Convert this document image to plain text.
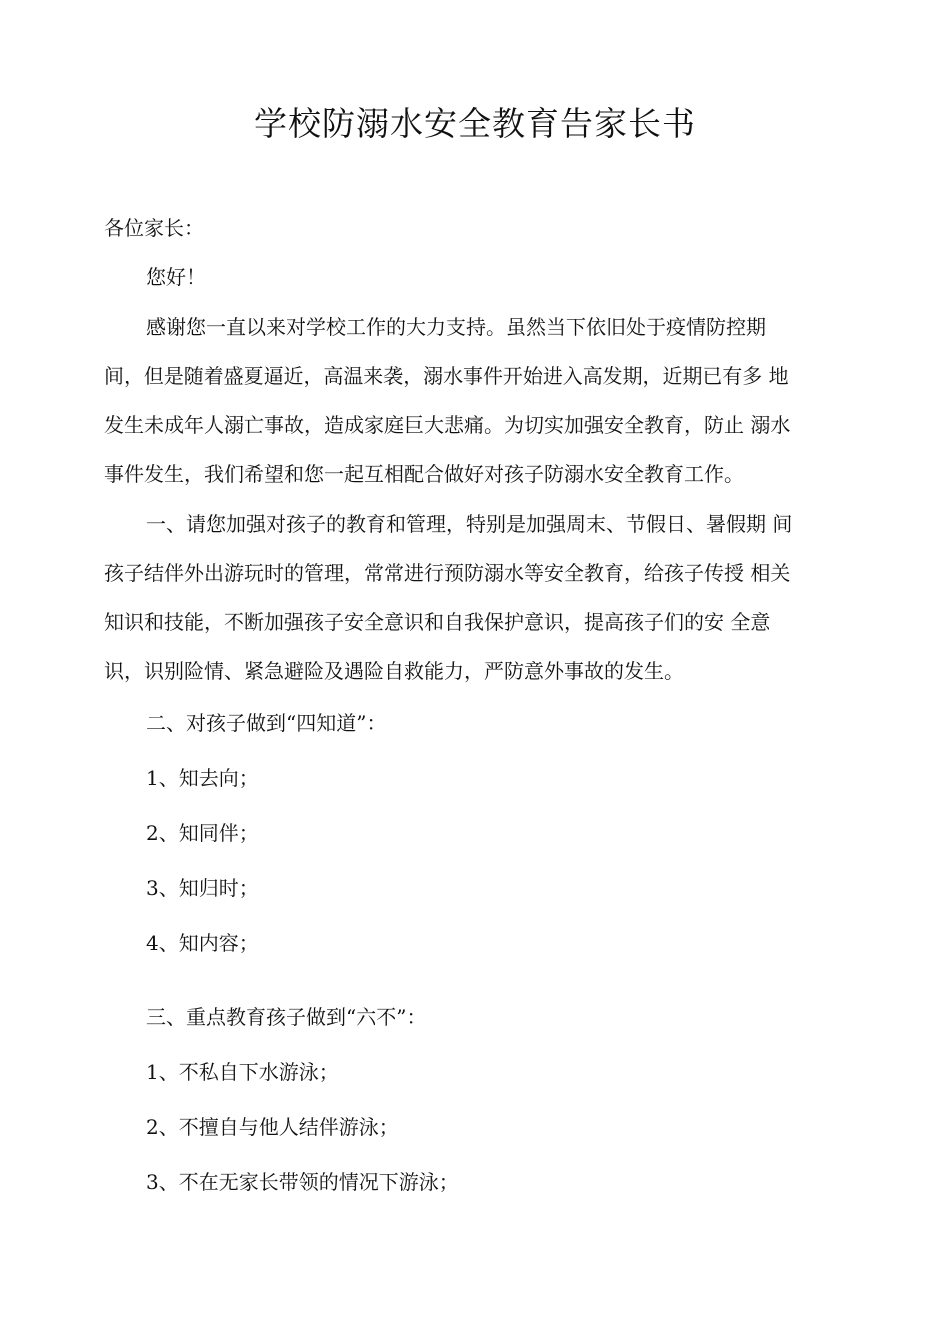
学校防溺水安全教育告家长书
各位家长：
您好！
感谢您一直以来对学校工作的大力支持。虽然当下依旧处于疫情防控期
间，但是随着盛夏逼近，高温来袭，溺水事件开始进入高发期，近期已有多 地
发生未成年人溺亡事故，造成家庭巨大悲痛。为切实加强安全教育，防止 溺水
事件发生，我们希望和您一起互相配合做好对孩子防溺水安全教育工作。
一、请您加强对孩子的教育和管理，特别是加强周末、节假日、暑假期 间
孩子结伴外出游玩时的管理，常常进行预防溺水等安全教育，给孩子传授 相关
知识和技能，不断加强孩子安全意识和自我保护意识，提高孩子们的安 全意
识，识别险情、紧急避险及遇险自救能力，严防意外事故的发生。
二、对孩子做到“四知道”：
1、知去向；
2、知同伴；
3、知归时；
4、知内容；
三、重点教育孩子做到“六不”：
1、不私自下水游泳；
2、不擅自与他人结伴游泳；
3、不在无家长带领的情况下游泳；
